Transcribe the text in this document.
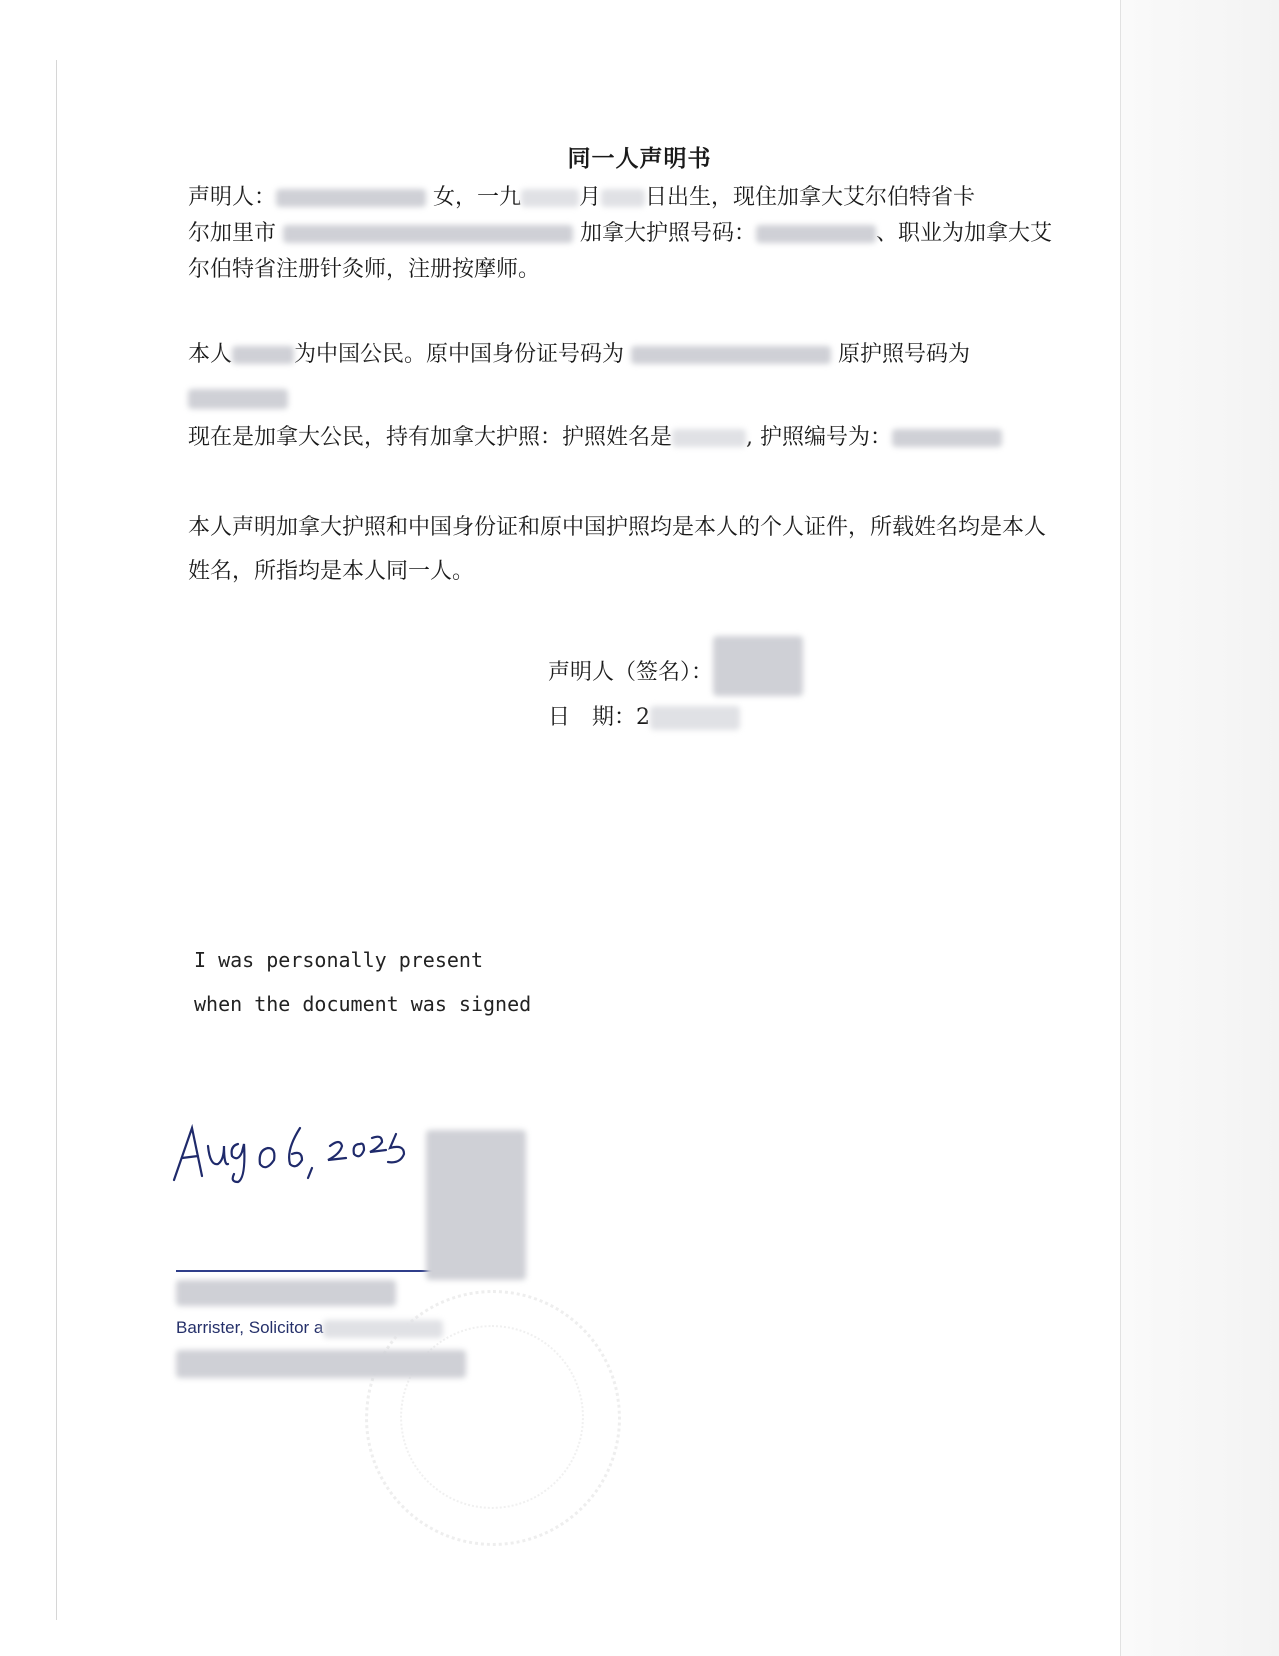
同一人声明书
声明人：	女，一九	月 日出生，现住加拿大艾尔伯特省卡
尔加里市	加拿大护照号码：	、职业为加拿大艾
尔伯特省注册针灸师，注册按摩师。
本人	为中国公民。原中国身份证号码为	原护照号码为
现在是加拿大公民，持有加拿大护照：护照姓名是	, 护照编号为：
本人声明加拿大护照和中国身份证和原中国护照均是本人的个人证件，所载姓名均是本人
姓名，所指均是本人同一人。
声明人（签名）：
日　期：2
I was personally present
when the document was signed
Barrister, Solicitor a
